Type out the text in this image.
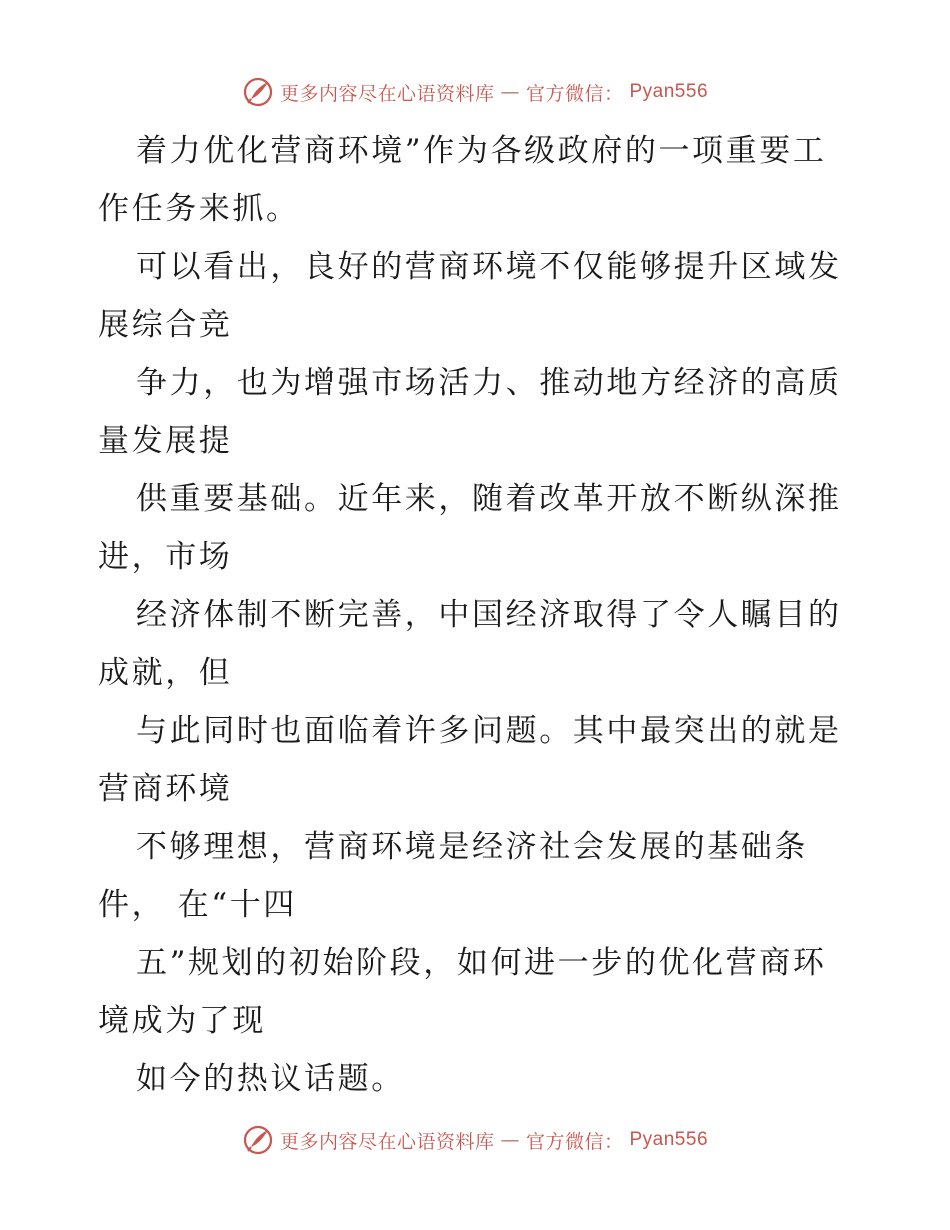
更多内容尽在心语资料库 — 官方微信： Pyan556
着力优化营商环境”作为各级政府的一项重要工
作任务来抓。
可以看出，良好的营商环境不仅能够提升区域发
展综合竞
争力，也为增强市场活力、推动地方经济的高质
量发展提
供重要基础。近年来，随着改革开放不断纵深推
进，市场
经济体制不断完善，中国经济取得了令人瞩目的
成就，但
与此同时也面临着许多问题。其中最突出的就是
营商环境
不够理想，营商环境是经济社会发展的基础条
件， 在“十四
五”规划的初始阶段，如何进一步的优化营商环
境成为了现
如今的热议话题。
更多内容尽在心语资料库 — 官方微信： Pyan556
